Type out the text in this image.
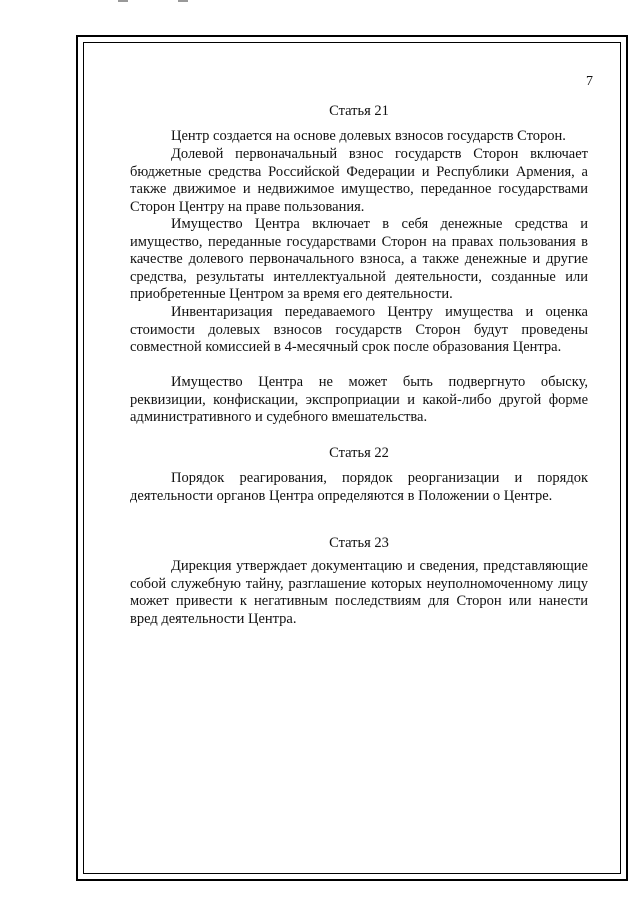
7
Статья 21

Центр создается на основе долевых взносов государств Сторон.

Долевой первоначальный взнос государств Сторон включает бюджетные средства Российской Федерации и Республики Армения, а также движимое и недвижимое имущество, переданное государствами Сторон Центру на праве пользования.

Имущество Центра включает в себя денежные средства и имущество, переданные государствами Сторон на правах пользования в качестве долевого первоначального взноса, а также денежные и другие средства, результаты интеллектуальной деятельности, созданные или приобретенные Центром за время его деятельности.

Инвентаризация передаваемого Центру имущества и оценка стоимости долевых взносов государств Сторон будут проведены совместной комиссией в 4-месячный срок после образования Центра.

Имущество Центра не может быть подвергнуто обыску, реквизиции, конфискации, экспроприации и какой-либо другой форме административного и судебного вмешательства.

Статья 22

Порядок реагирования, порядок реорганизации и порядок деятельности органов Центра определяются в Положении о Центре.

Статья 23

Дирекция утверждает документацию и сведения, представляющие собой служебную тайну, разглашение которых неуполномоченному лицу может привести к негативным последствиям для Сторон или нанести вред деятельности Центра.
